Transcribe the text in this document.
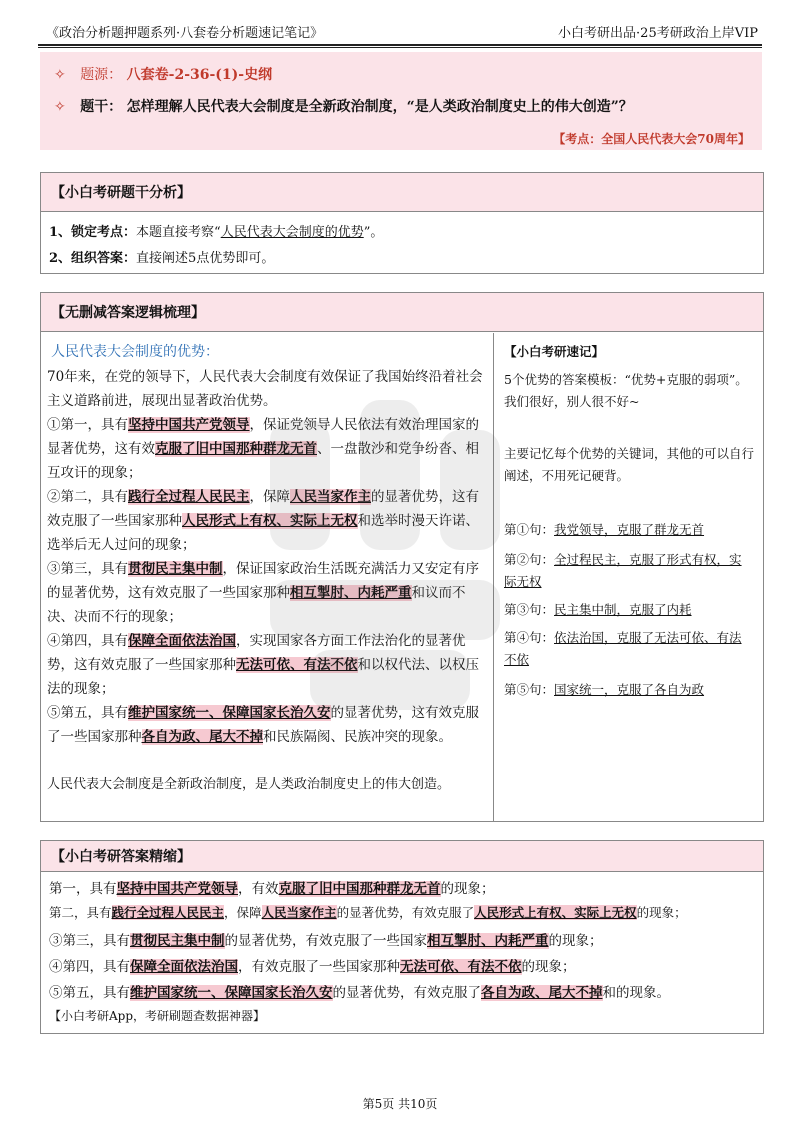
《政治分析题押题系列·八套卷分析题速记笔记》	小白考研出品·25考研政治上岸VIP
✧ 题源： 八套卷-2-36-(1)-史纲
✧ 题干： 怎样理解人民代表大会制度是全新政治制度，“是人类政治制度史上的伟大创造”？
【考点：全国人民代表大会70周年】
【小白考研题干分析】
1、锁定考点：本题直接考察“人民代表大会制度的优势”。
2、组织答案：直接阐述5点优势即可。
【无删减答案逻辑梳理】
人民代表大会制度的优势：
70年来，在党的领导下，人民代表大会制度有效保证了我国始终沿着社会主义道路前进，展现出显著政治优势。
①第一，具有坚持中国共产党领导，保证党领导人民依法有效治理国家的显著优势，这有效克服了旧中国那种群龙无首、一盘散沙和党争纷沓、相互攻讦的现象；
②第二，具有践行全过程人民民主，保障人民当家作主的显著优势，这有效克服了一些国家那种人民形式上有权、实际上无权和选举时漫天许诺、选举后无人过问的现象；
③第三，具有贯彻民主集中制，保证国家政治生活既充满活力又安定有序的显著优势，这有效克服了一些国家那种相互掣肘、内耗严重和议而不决、决而不行的现象；
④第四，具有保障全面依法治国，实现国家各方面工作法治化的显著优势，这有效克服了一些国家那种无法可依、有法不依和以权代法、以权压法的现象；
⑤第五，具有维护国家统一、保障国家长治久安的显著优势，这有效克服了一些国家那种各自为政、尾大不掉和民族隔阂、民族冲突的现象。
人民代表大会制度是全新政治制度，是人类政治制度史上的伟大创造。
【小白考研速记】
5个优势的答案模板：“优势+克服的弱项”。我们很好，别人很不好~
主要记忆每个优势的关键词，其他的可以自行阐述，不用死记硬背。
第①句：我党领导，克服了群龙无首
第②句：全过程民主，克服了形式有权，实际无权
第③句：民主集中制，克服了内耗
第④句：依法治国，克服了无法可依、有法不依
第⑤句：国家统一，克服了各自为政
【小白考研答案精缩】
第一，具有坚持中国共产党领导，有效克服了旧中国那种群龙无首的现象；
第二，具有践行全过程人民民主，保障人民当家作主的显著优势，有效克服了人民形式上有权、实际上无权的现象；
③第三，具有贯彻民主集中制的显著优势，有效克服了一些国家相互掣肘、内耗严重的现象；
④第四，具有保障全面依法治国，有效克服了一些国家那种无法可依、有法不依的现象；
⑤第五，具有维护国家统一、保障国家长治久安的显著优势，有效克服了各自为政、尾大不掉和的现象。
【小白考研App，考研刷题查数据神器】
第5页 共10页
